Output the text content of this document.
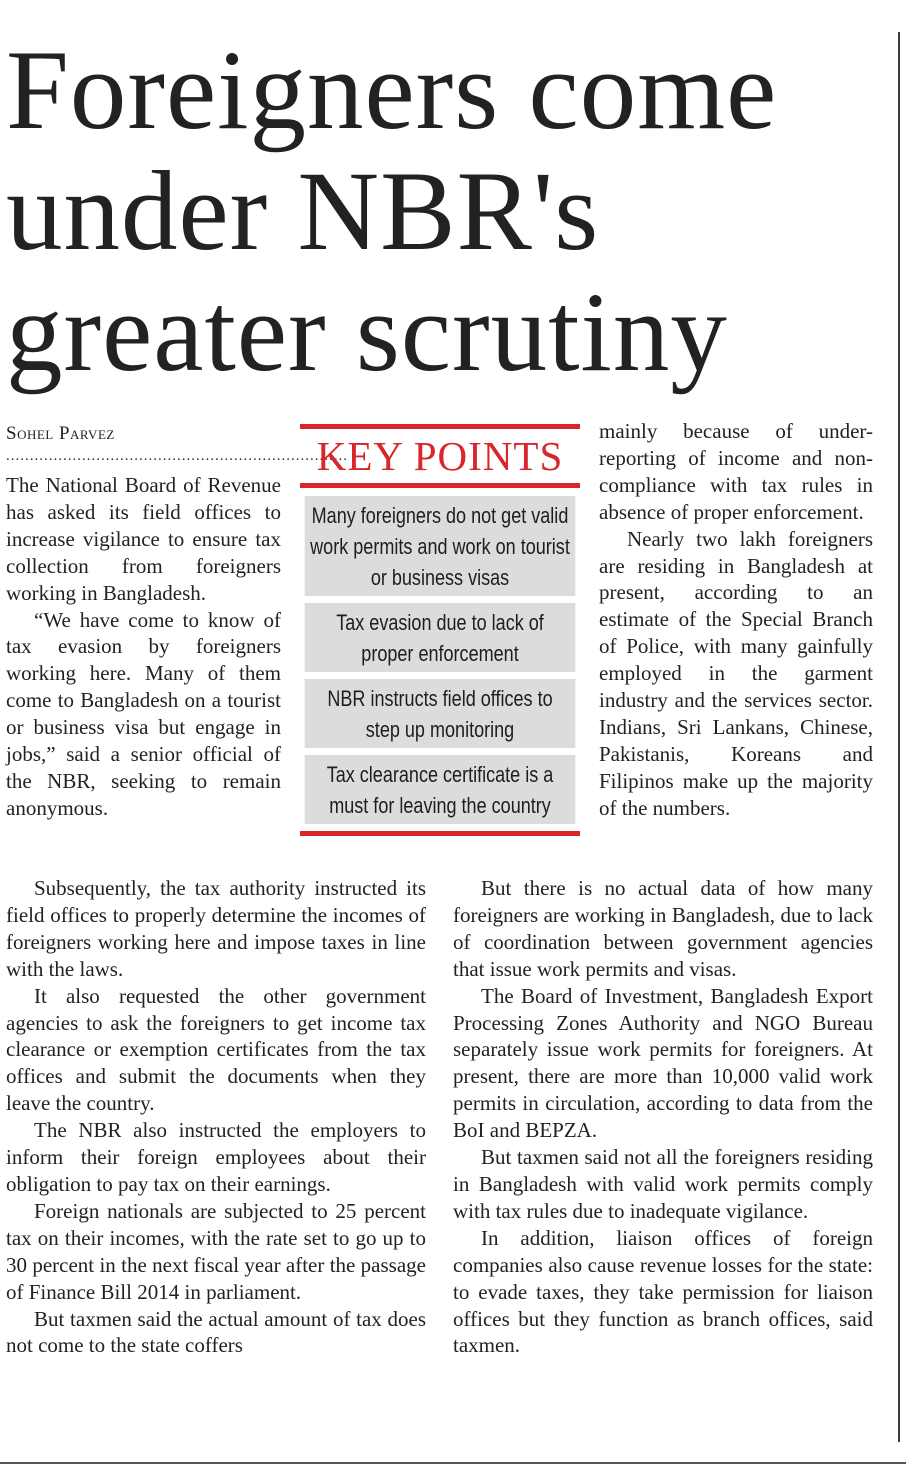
Foreigners come under NBR's greater scrutiny
Sohel Parvez
........................................................................

The National Board of Revenue has asked its field offices to increase vigilance to ensure tax collection from foreigners working in Bangladesh.

“We have come to know of tax evasion by foreigners working here. Many of them come to Bangladesh on a tourist or business visa but engage in jobs,” said a senior official of the NBR, seeking to remain anonymous.

KEY POINTS
Many foreigners do not get valid work permits and work on tourist or business visas
Tax evasion due to lack of proper enforcement
NBR instructs field offices to step up monitoring
Tax clearance certificate is a must for leaving the country

mainly because of under-reporting of income and non-compliance with tax rules in absence of proper enforcement.

Nearly two lakh foreigners are residing in Bangladesh at present, according to an estimate of the Special Branch of Police, with many gainfully employed in the garment industry and the services sector. Indians, Sri Lankans, Chinese, Pakistanis, Koreans and Filipinos make up the majority of the numbers.

Subsequently, the tax authority instructed its field offices to properly determine the incomes of foreigners working here and impose taxes in line with the laws.

It also requested the other government agencies to ask the foreigners to get income tax clearance or exemption certificates from the tax offices and submit the documents when they leave the country.

The NBR also instructed the employers to inform their foreign employees about their obligation to pay tax on their earnings.

Foreign nationals are subjected to 25 percent tax on their incomes, with the rate set to go up to 30 percent in the next fiscal year after the passage of Finance Bill 2014 in parliament.

But taxmen said the actual amount of tax does not come to the state coffers

But there is no actual data of how many foreigners are working in Bangladesh, due to lack of coordination between government agencies that issue work permits and visas.

The Board of Investment, Bangladesh Export Processing Zones Authority and NGO Bureau separately issue work permits for foreigners. At present, there are more than 10,000 valid work permits in circulation, according to data from the BoI and BEPZA.

But taxmen said not all the foreigners residing in Bangladesh with valid work permits comply with tax rules due to inadequate vigilance.

In addition, liaison offices of foreign companies also cause revenue losses for the state: to evade taxes, they take permission for liaison offices but they function as branch offices, said taxmen.
